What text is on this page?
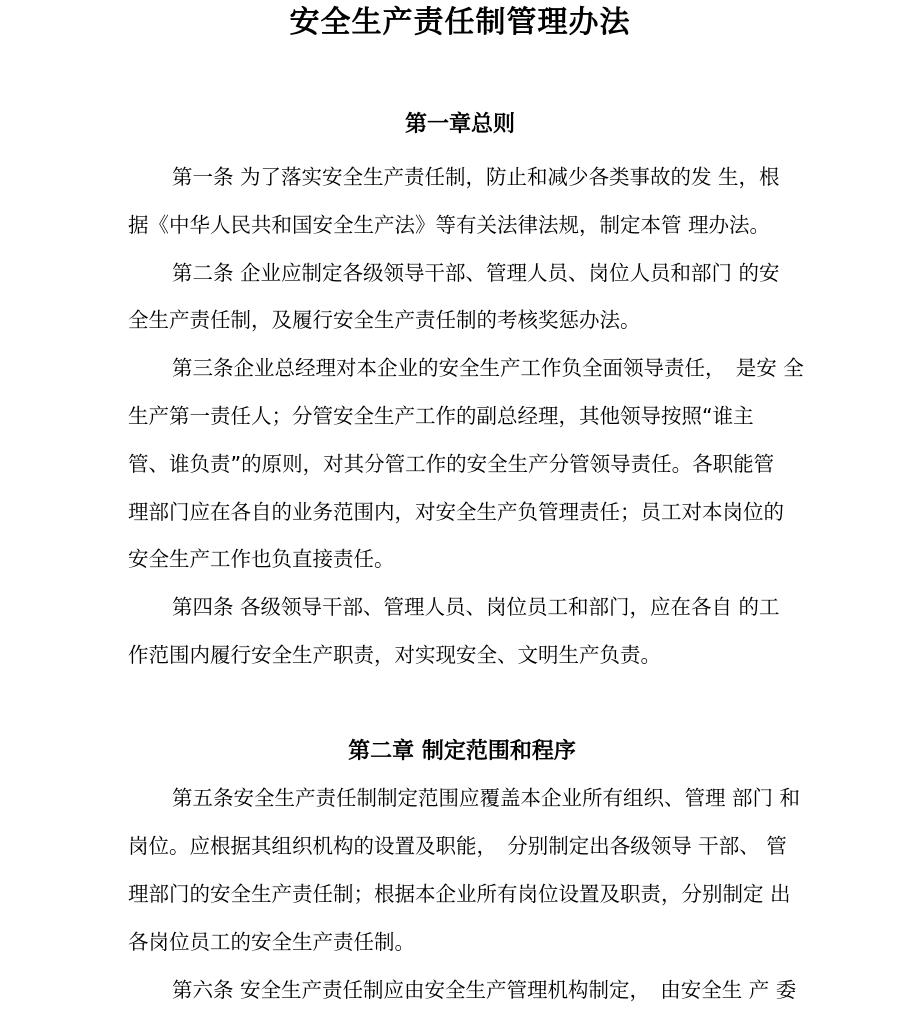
安全生产责任制管理办法
第一章总则
第一条 为了落实安全生产责任制，防止和减少各类事故的发 生，根
据《中华人民共和国安全生产法》等有关法律法规，制定本管 理办法。
第二条 企业应制定各级领导干部、管理人员、岗位人员和部门 的安
全生产责任制，及履行安全生产责任制的考核奖惩办法。
第三条企业总经理对本企业的安全生产工作负全面领导责任，　是安 全
生产第一责任人；分管安全生产工作的副总经理，其他领导按照“谁主
管、谁负责”的原则，对其分管工作的安全生产分管领导责任。各职能管
理部门应在各自的业务范围内，对安全生产负管理责任；员工对本岗位的
安全生产工作也负直接责任。
第四条 各级领导干部、管理人员、岗位员工和部门，应在各自 的工
作范围内履行安全生产职责，对实现安全、文明生产负责。
第二章 制定范围和程序
第五条安全生产责任制制定范围应覆盖本企业所有组织、管理 部门 和
岗位。应根据其组织机构的设置及职能，　分别制定出各级领导 干部、 管
理部门的安全生产责任制；根据本企业所有岗位设置及职责，分别制定 出
各岗位员工的安全生产责任制。
第六条 安全生产责任制应由安全生产管理机构制定，　由安全生 产 委
